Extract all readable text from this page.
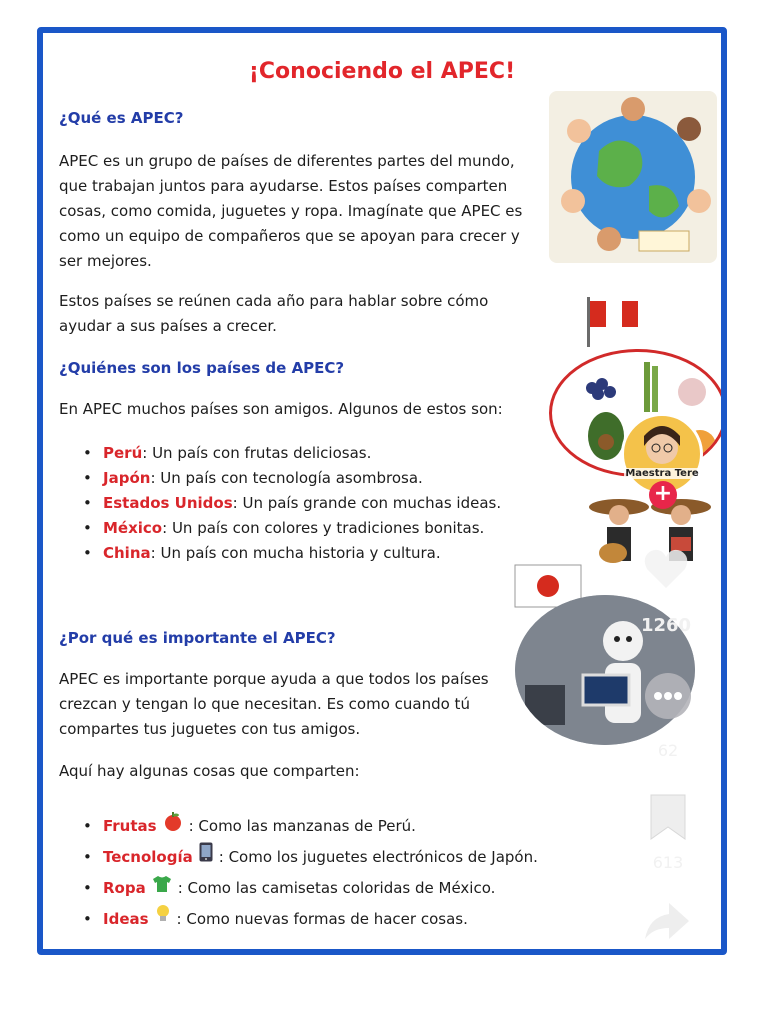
¡Conociendo el APEC!
¿Qué es APEC?
APEC es un grupo de países de diferentes partes del mundo, que trabajan juntos para ayudarse. Estos países comparten cosas, como comida, juguetes y ropa. Imagínate que APEC es como un equipo de compañeros que se apoyan para crecer y ser mejores.
Estos países se reúnen cada año para hablar sobre cómo ayudar a sus países a crecer.
¿Quiénes son los países de APEC?
En APEC muchos países son amigos. Algunos de estos son:
• Perú: Un país con frutas deliciosas.
• Japón: Un país con tecnología asombrosa.
• Estados Unidos: Un país grande con muchas ideas.
• México: Un país con colores y tradiciones bonitas.
• China: Un país con mucha historia y cultura.
¿Por qué es importante el APEC?
APEC es importante porque ayuda a que todos los países crezcan y tengan lo que necesitan. Es como cuando tú compartes tus juguetes con tus amigos.
Aquí hay algunas cosas que comparten:
• Frutas : Como las manzanas de Perú.
• Tecnología : Como los juguetes electrónicos de Japón.
• Ropa : Como las camisetas coloridas de México.
• Ideas : Como nuevas formas de hacer cosas.
Maestra Tere
+
1260
62
613
